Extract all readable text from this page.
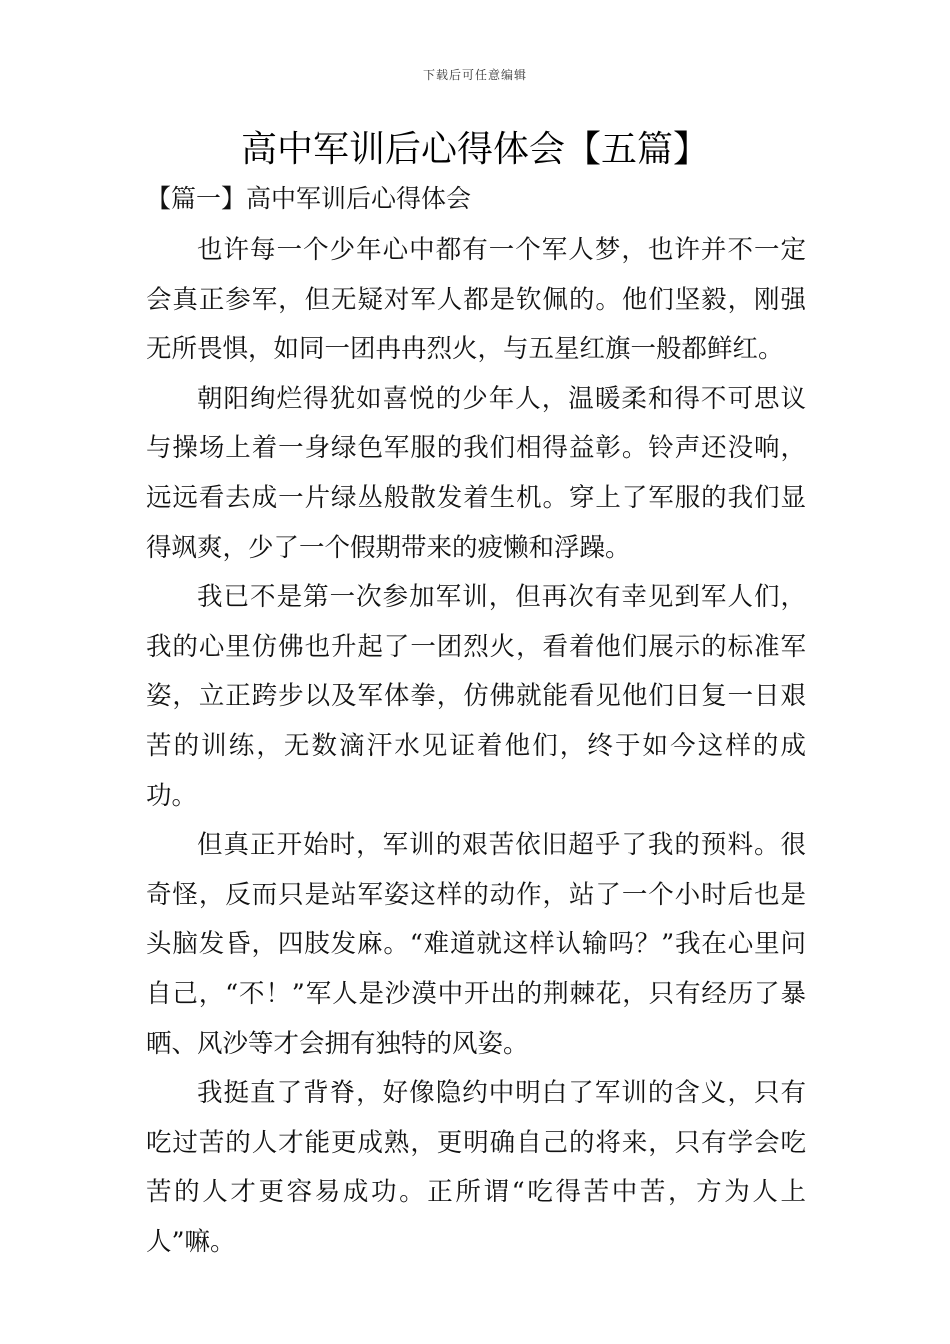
下载后可任意编辑
高中军训后心得体会【五篇】
【篇一】高中军训后心得体会

也许每一个少年心中都有一个军人梦，也许并不一定会真正参军，但无疑对军人都是钦佩的。他们坚毅，刚强无所畏惧，如同一团冉冉烈火，与五星红旗一般都鲜红。

朝阳绚烂得犹如喜悦的少年人，温暖柔和得不可思议与操场上着一身绿色军服的我们相得益彰。铃声还没响，远远看去成一片绿丛般散发着生机。穿上了军服的我们显得飒爽，少了一个假期带来的疲懒和浮躁。

我已不是第一次参加军训，但再次有幸见到军人们，我的心里仿佛也升起了一团烈火，看着他们展示的标准军姿，立正跨步以及军体拳，仿佛就能看见他们日复一日艰苦的训练，无数滴汗水见证着他们，终于如今这样的成功。

但真正开始时，军训的艰苦依旧超乎了我的预料。很奇怪，反而只是站军姿这样的动作，站了一个小时后也是头脑发昏，四肢发麻。“难道就这样认输吗？”我在心里问自己，“不！”军人是沙漠中开出的荆棘花，只有经历了暴晒、风沙等才会拥有独特的风姿。

我挺直了背脊，好像隐约中明白了军训的含义，只有吃过苦的人才能更成熟，更明确自己的将来，只有学会吃苦的人才更容易成功。正所谓“吃得苦中苦，方为人上人”嘛。
